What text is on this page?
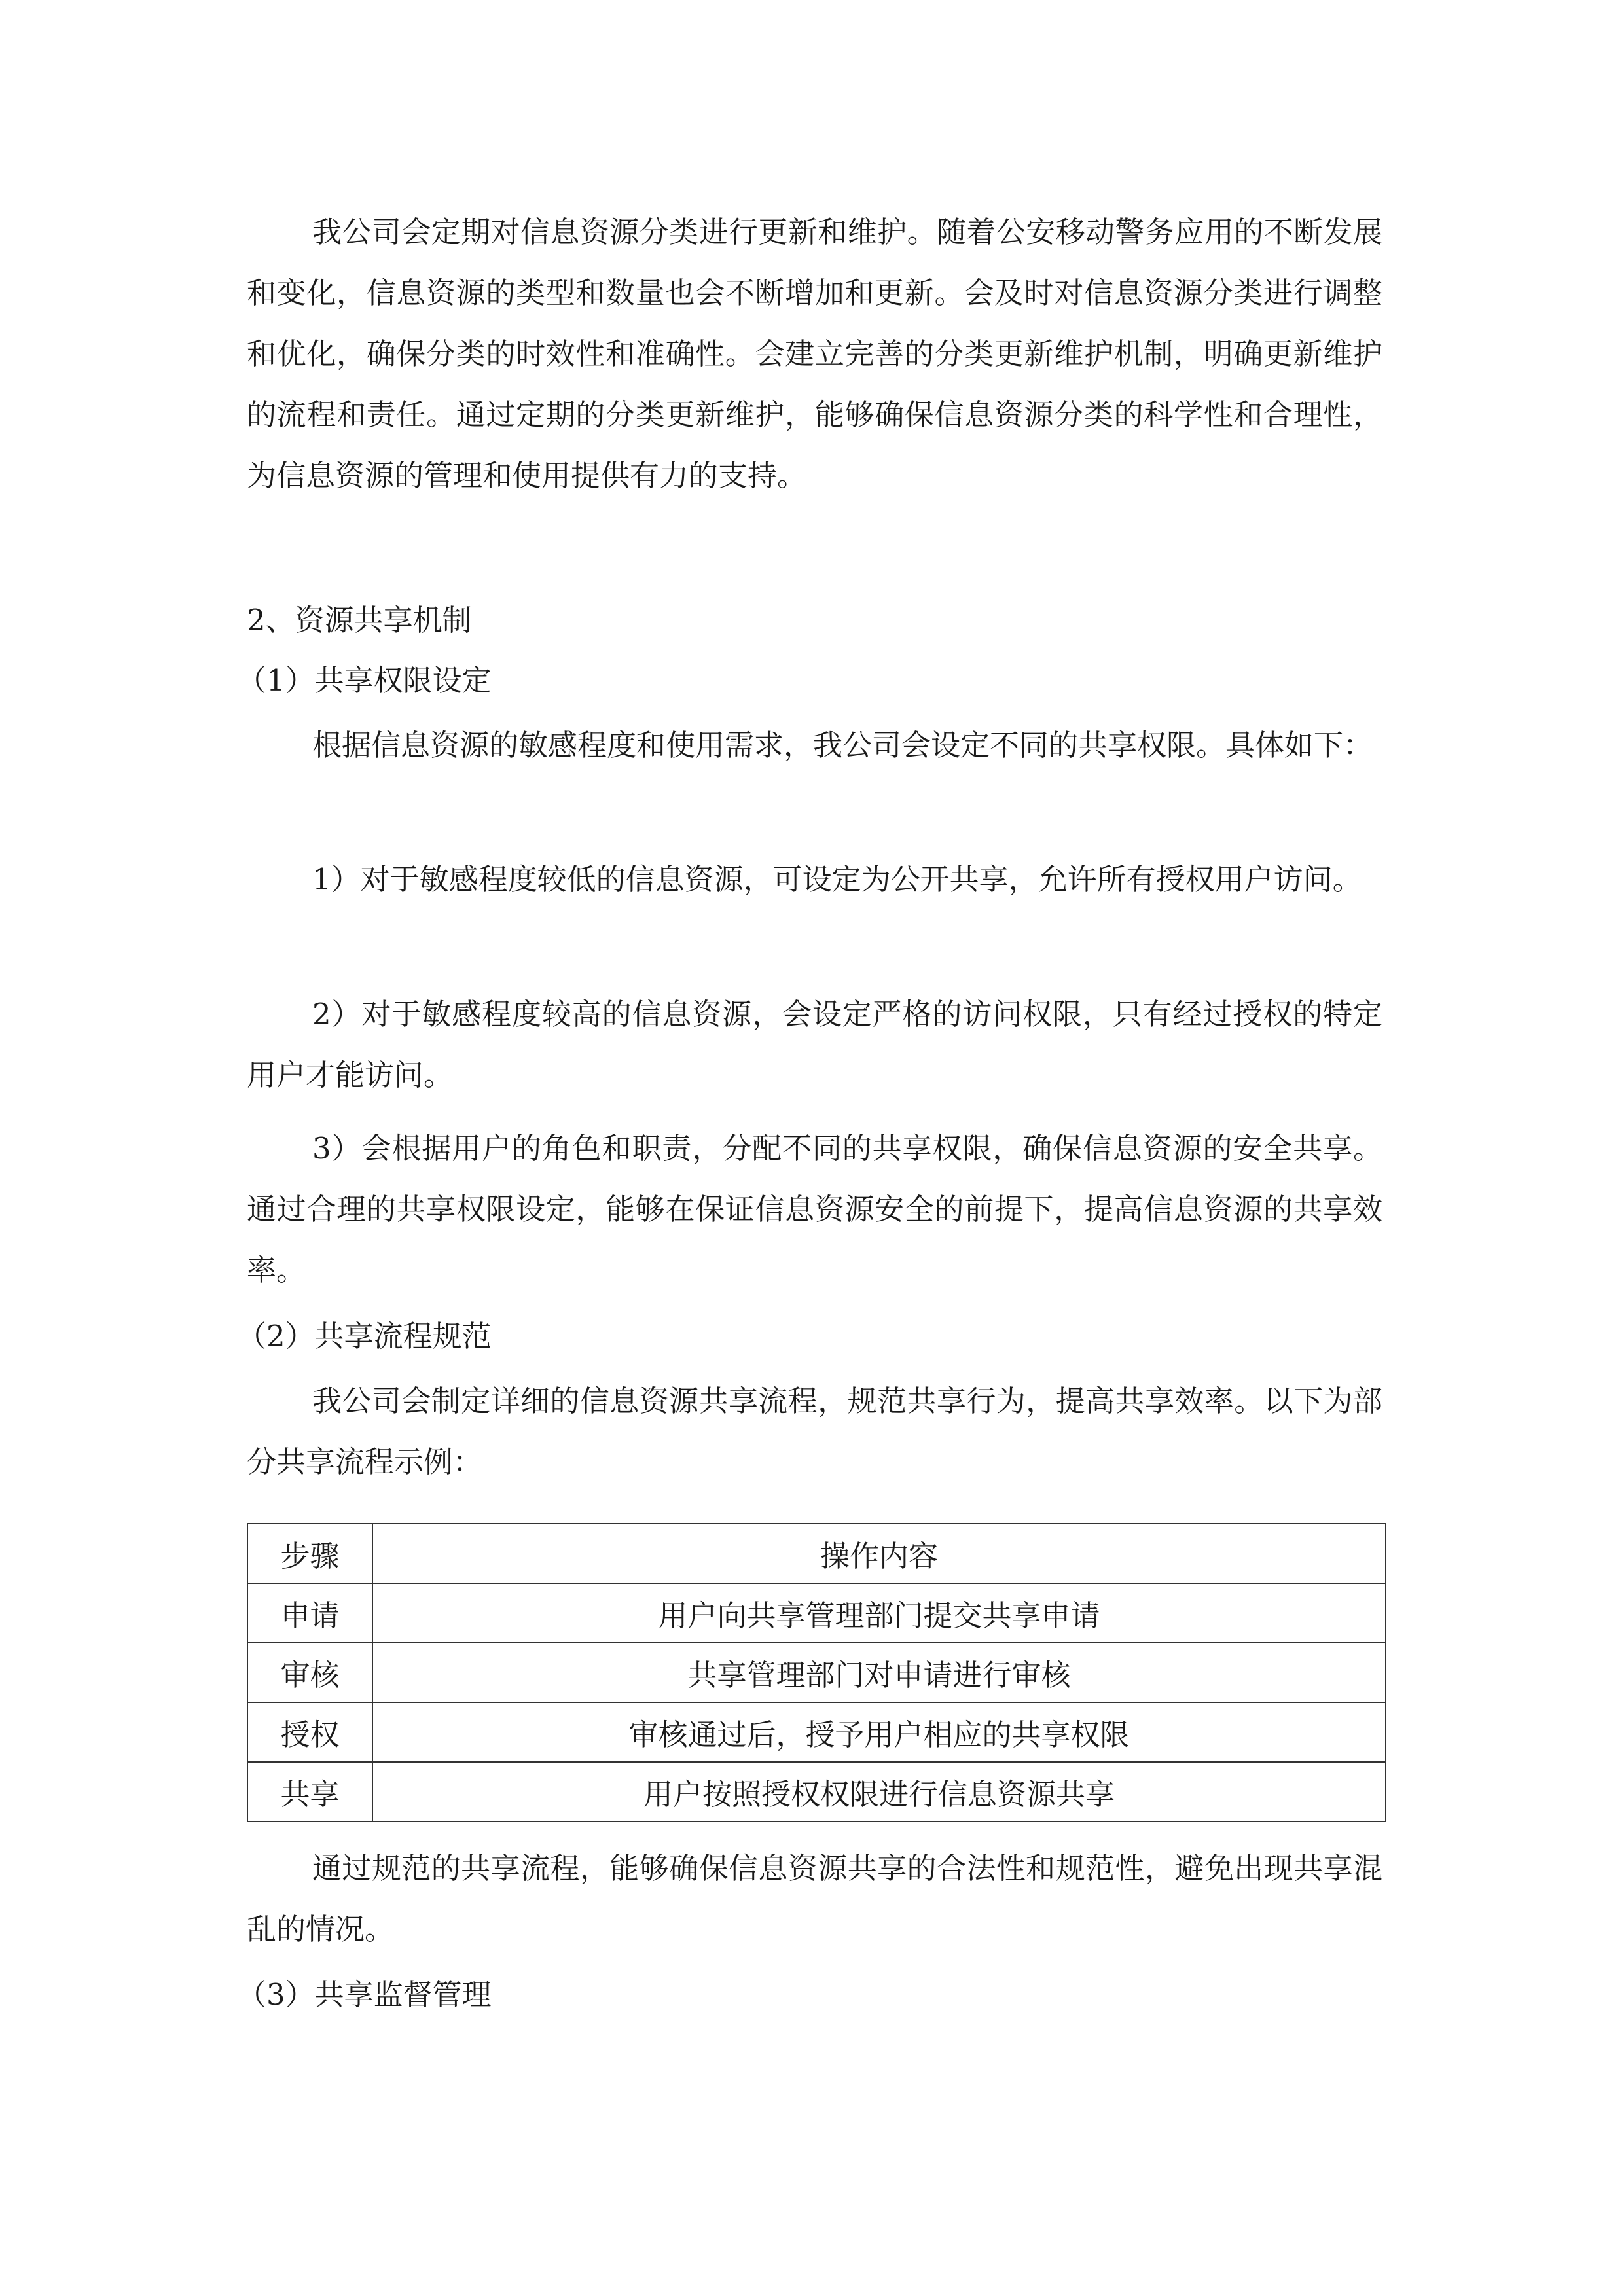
我公司会定期对信息资源分类进行更新和维护。随着公安移动警务应用的不断发展和变化，信息资源的类型和数量也会不断增加和更新。会及时对信息资源分类进行调整和优化，确保分类的时效性和准确性。会建立完善的分类更新维护机制，明确更新维护的流程和责任。通过定期的分类更新维护，能够确保信息资源分类的科学性和合理性，为信息资源的管理和使用提供有力的支持。

2、资源共享机制

（1）共享权限设定

根据信息资源的敏感程度和使用需求，我公司会设定不同的共享权限。具体如下：

1）对于敏感程度较低的信息资源，可设定为公开共享，允许所有授权用户访问。

2）对于敏感程度较高的信息资源，会设定严格的访问权限，只有经过授权的特定用户才能访问。

3）会根据用户的角色和职责，分配不同的共享权限，确保信息资源的安全共享。通过合理的共享权限设定，能够在保证信息资源安全的前提下，提高信息资源的共享效率。

（2）共享流程规范

我公司会制定详细的信息资源共享流程，规范共享行为，提高共享效率。以下为部分共享流程示例：

步骤	操作内容
申请	用户向共享管理部门提交共享申请
审核	共享管理部门对申请进行审核
授权	审核通过后，授予用户相应的共享权限
共享	用户按照授权权限进行信息资源共享

通过规范的共享流程，能够确保信息资源共享的合法性和规范性，避免出现共享混乱的情况。

（3）共享监督管理
